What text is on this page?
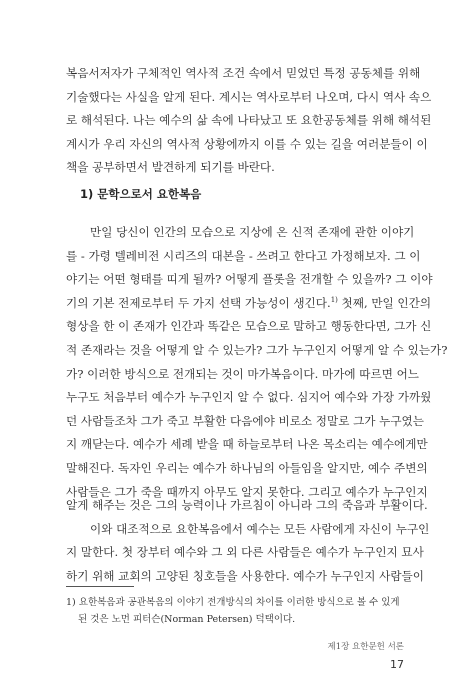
복음서저자가 구체적인 역사적 조건 속에서 믿었던 특정 공동체를 위해
기술했다는 사실을 알게 된다. 계시는 역사로부터 나오며, 다시 역사 속으
로 해석된다. 나는 예수의 삶 속에 나타났고 또 요한공동체를 위해 해석된
계시가 우리 자신의 역사적 상황에까지 이를 수 있는 길을 여러분들이 이
책을 공부하면서 발견하게 되기를 바란다.
1) 문학으로서 요한복음
만일 당신이 인간의 모습으로 지상에 온 신적 존재에 관한 이야기
를 - 가령 텔레비전 시리즈의 대본을 - 쓰려고 한다고 가정해보자. 그 이
야기는 어떤 형태를 띠게 될까? 어떻게 플롯을 전개할 수 있을까? 그 이야
기의 기본 전제로부터 두 가지 선택 가능성이 생긴다.$^{1)}$ 첫째, 만일 인간의
형상을 한 이 존재가 인간과 똑같은 모습으로 말하고 행동한다면, 그가 신
적 존재라는 것을 어떻게 알 수 있는가? 그가 누구인지 어떻게 알 수 있는가?
가? 이러한 방식으로 전개되는 것이 마가복음이다. 마가에 따르면 어느
누구도 처음부터 예수가 누구인지 알 수 없다. 심지어 예수와 가장 가까웠
던 사람들조차 그가 죽고 부활한 다음에야 비로소 정말로 그가 누구였는
지 깨닫는다. 예수가 세례 받을 때 하늘로부터 나온 목소리는 예수에게만
말해진다. 독자인 우리는 예수가 하나님의 아들임을 알지만, 예수 주변의
사람들은 그가 죽을 때까지 아무도 알지 못한다. 그리고 예수가 누구인지
알게 해주는 것은 그의 능력이나 가르침이 아니라 그의 죽음과 부활이다.
이와 대조적으로 요한복음에서 예수는 모든 사람에게 자신이 누구인
지 말한다. 첫 장부터 예수와 그 외 다른 사람들은 예수가 누구인지 묘사
하기 위해 교회의 고양된 칭호들을 사용한다. 예수가 누구인지 사람들이
1) 요한복음과 공관복음의 이야기 전개방식의 차이를 이러한 방식으로 볼 수 있게
된 것은 노먼 피터슨(Norman Petersen) 덕택이다.
제1장 요한문헌 서론
17
